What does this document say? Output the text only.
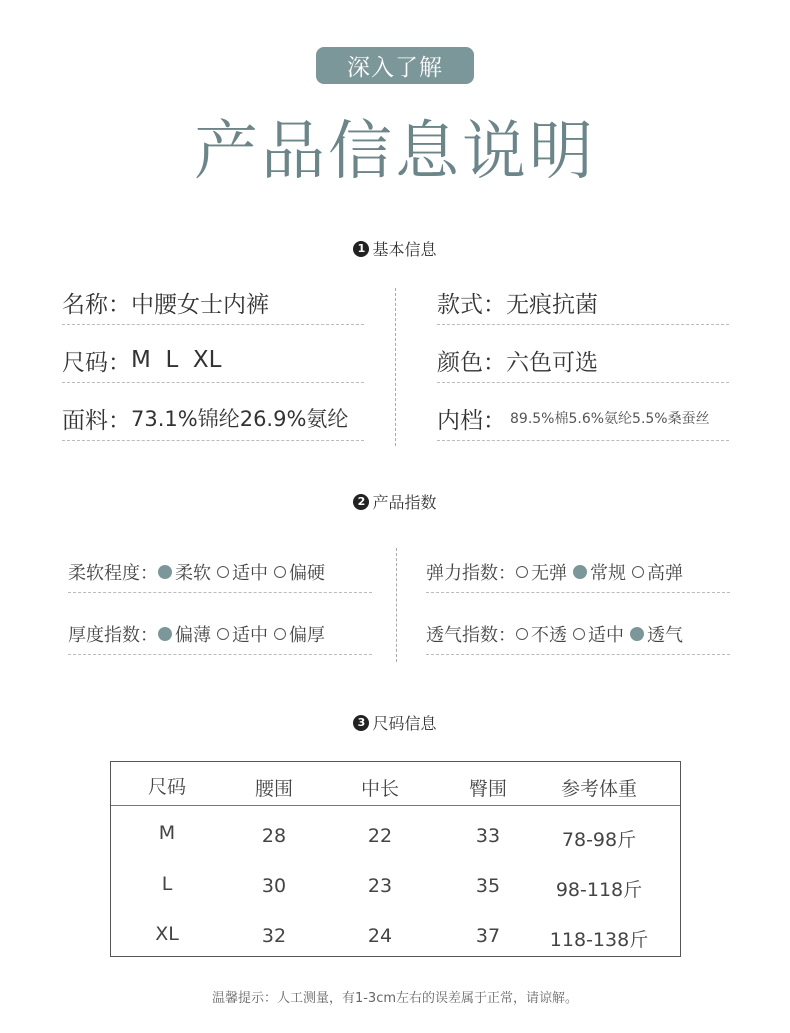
深入了解
产品信息说明
1 基本信息
名称： 中腰女士内裤	款式： 无痕抗菌
尺码： M  L  XL	颜色： 六色可选
面料： 73.1%锦纶26.9%氨纶	内档： 89.5%棉5.6%氨纶5.5%桑蚕丝
2 产品指数
柔软程度： 柔软 适中 偏硬	弹力指数： 无弹 常规 高弹
厚度指数： 偏薄 适中 偏厚	透气指数： 不透 适中 透气
3 尺码信息
尺码	腰围	中长	臀围	参考体重
M	28	22	33	78-98斤
L	30	23	35	98-118斤
XL	32	24	37	118-138斤
温馨提示：人工测量，有1-3cm左右的误差属于正常，请谅解。
